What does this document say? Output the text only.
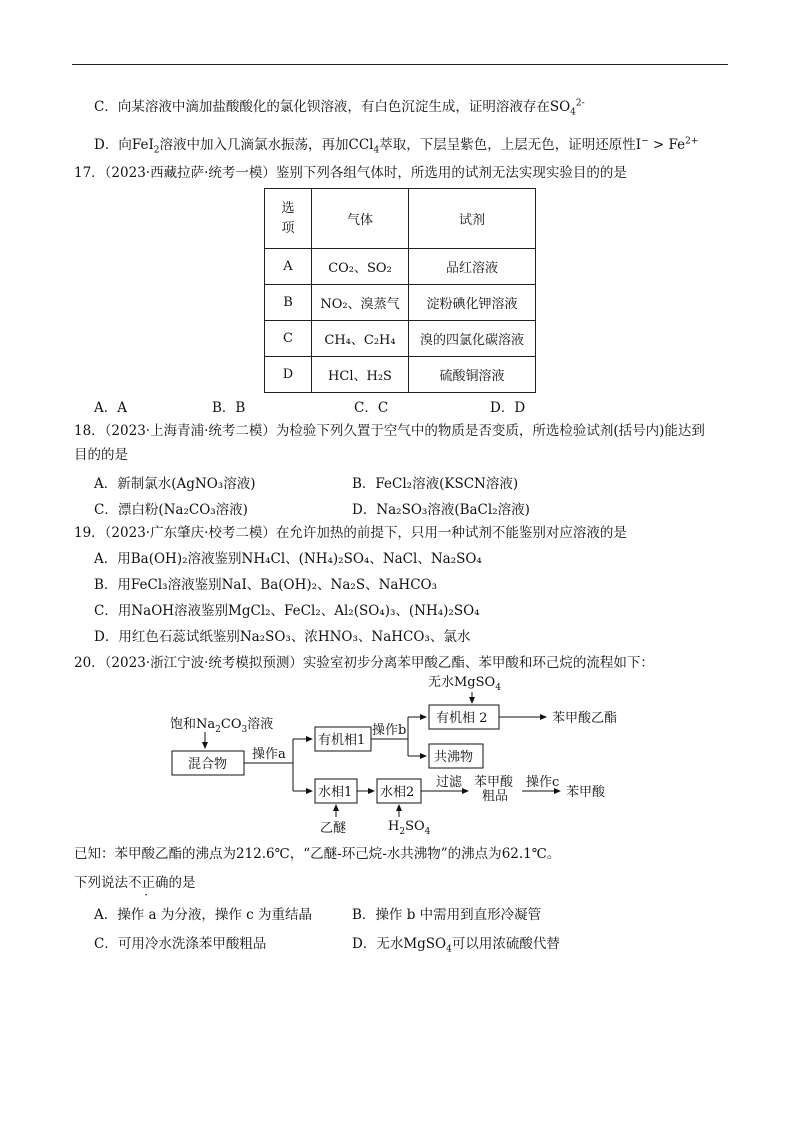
C．向某溶液中滴加盐酸酸化的氯化钡溶液，有白色沉淀生成，证明溶液存在$SO_4^{2-}$
D．向FeI$_2$溶液中加入几滴氯水振荡，再加CCl$_4$萃取，下层呈紫色，上层无色，证明还原性$I^- > Fe^{2+}$
17．（2023·西藏拉萨·统考一模）鉴别下列各组气体时，所选用的试剂无法实现实验目的的是
选项	气体	试剂
A	CO₂、SO₂	品红溶液
B	NO₂、溴蒸气	淀粉碘化钾溶液
C	CH₄、C₂H₄	溴的四氯化碳溶液
D	HCl、H₂S	硫酸铜溶液
A．A	B．B	C．C	D．D
18．（2023·上海青浦·统考二模）为检验下列久置于空气中的物质是否变质，所选检验试剂(括号内)能达到
目的的是
A．新制氯水(AgNO₃溶液)	B．FeCl₂溶液(KSCN溶液)
C．漂白粉(Na₂CO₃溶液)	D．Na₂SO₃溶液(BaCl₂溶液)
19．（2023·广东肇庆·校考二模）在允许加热的前提下，只用一种试剂不能鉴别对应溶液的是
A．用Ba(OH)₂溶液鉴别NH₄Cl、(NH₄)₂SO₄、NaCl、Na₂SO₄
B．用FeCl₃溶液鉴别NaI、Ba(OH)₂、Na₂S、NaHCO₃
C．用NaOH溶液鉴别MgCl₂、FeCl₂、Al₂(SO₄)₃、(NH₄)₂SO₄
D．用红色石蕊试纸鉴别Na₂SO₃、浓HNO₃、NaHCO₃、氯水
20．（2023·浙江宁波·统考模拟预测）实验室初步分离苯甲酸乙酯、苯甲酸和环己烷的流程如下：
饱和$Na_2CO_3$溶液
混合物
操作a
有机相1
操作b
无水MgSO$_4$
有机相 2	苯甲酸乙酯
共沸物
水相1
乙醚
水相2
$H_2SO_4$
过滤 苯甲酸
粗品
操作c
苯甲酸
已知：苯甲酸乙酯的沸点为212.6℃，“乙醚-环己烷-水共沸物”的沸点为62.1℃。
下列说法不正确的是
A．操作 a 为分液，操作 c 为重结晶	B．操作 b 中需用到直形冷凝管
C．可用冷水洗涤苯甲酸粗品	D．无水MgSO$_4$可以用浓硫酸代替
